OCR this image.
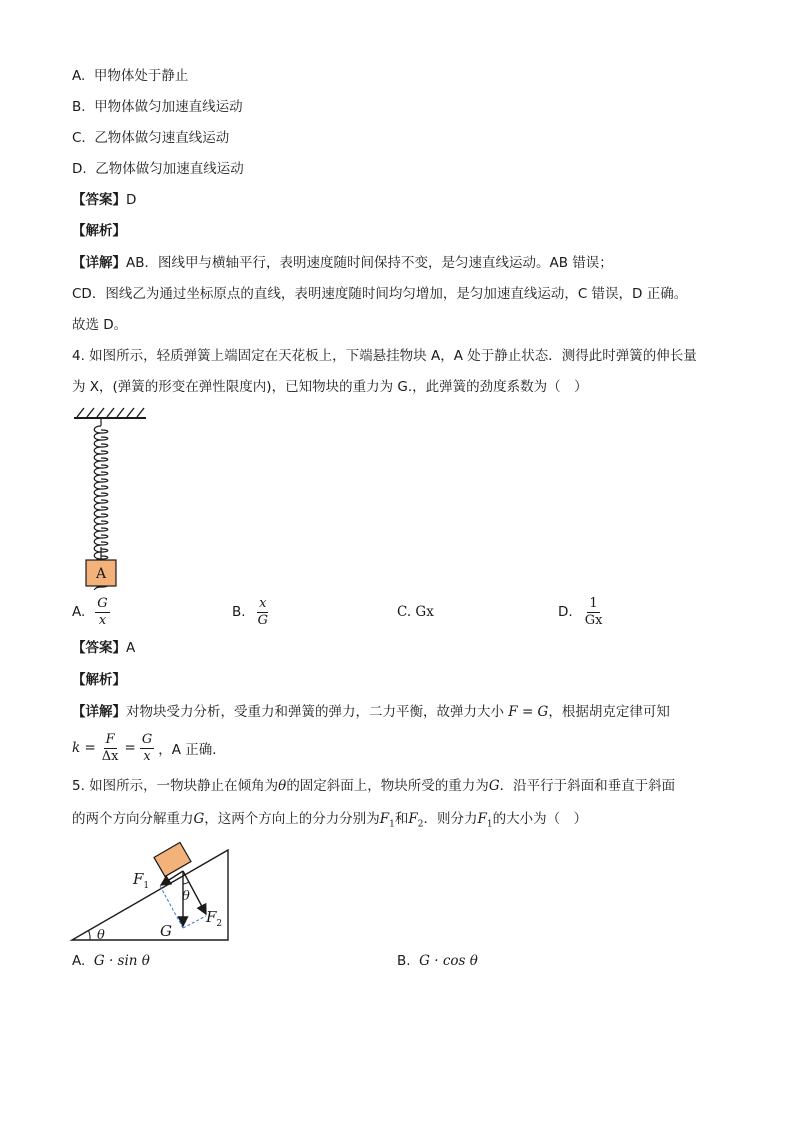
A. 甲物体处于静止
B. 甲物体做匀加速直线运动
C. 乙物体做匀速直线运动
D. 乙物体做匀加速直线运动
【答案】D
【解析】
【详解】AB．图线甲与横轴平行，表明速度随时间保持不变，是匀速直线运动。AB 错误；
CD．图线乙为通过坐标原点的直线，表明速度随时间均匀增加，是匀加速直线运动，C 错误，D 正确。
故选 D。
4. 如图所示，轻质弹簧上端固定在天花板上，下端悬挂物块 A，A 处于静止状态．测得此时弹簧的伸长量
为 X，(弹簧的形变在弹性限度内)，已知物块的重力为 G.，此弹簧的劲度系数为（　）
A
A. $\frac{G}{x}$	B. $\frac{x}{G}$	C. Gx	D. $\frac{1}{Gx}$
【答案】A
【解析】
【详解】对物块受力分析，受重力和弹簧的弹力，二力平衡，故弹力大小 F = G，根据胡克定律可知
$k = \frac{F}{\Delta x} = \frac{G}{x}$ ，A 正确．
5. 如图所示，一物块静止在倾角为θ的固定斜面上，物块所受的重力为G．沿平行于斜面和垂直于斜面
的两个方向分解重力G，这两个方向上的分力分别为$F_1$和$F_2$．则分力$F_1$的大小为（　）
θ
θ
$F_1$
$F_2$
G
A. G · sin θ	B. G · cos θ
